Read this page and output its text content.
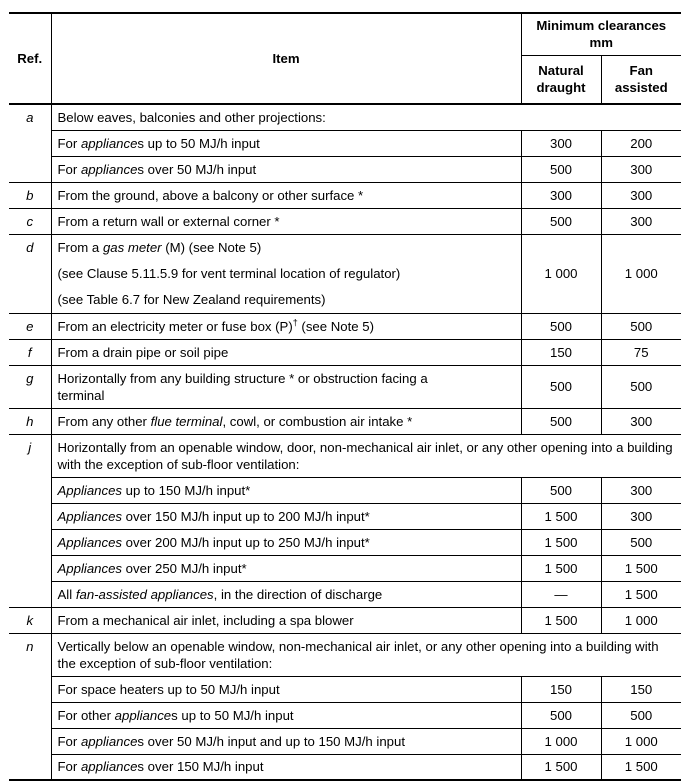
Ref.	Item	Minimum clearances
mm	

		Natural draught	Fan assisted
a	Below eaves, balconies and other projections:		
	For appliances up to 50 MJ/h input	300	200
	For appliances over 50 MJ/h input	500	300
b	From the ground, above a balcony or other surface *	300	300
c	From a return wall or external corner *	500	300
d	From a gas meter (M) (see Note 5)
(see Clause 5.11.5.9 for vent terminal location of regulator)
(see Table 6.7 for New Zealand requirements)	1 000	1 000
e	From an electricity meter or fuse box (P)† (see Note 5)	500	500
f	From a drain pipe or soil pipe	150	75
g	Horizontally from any building structure * or obstruction facing a terminal	500	500
h	From any other flue terminal, cowl, or combustion air intake *	500	300
j	Horizontally from an openable window, door, non-mechanical air inlet, or any other opening into a building with the exception of sub-floor ventilation:		
	Appliances up to 150 MJ/h input*	500	300
	Appliances over 150 MJ/h input up to 200 MJ/h input*	1 500	300
	Appliances over 200 MJ/h input up to 250 MJ/h input*	1 500	500
	Appliances over 250 MJ/h input*	1 500	1 500
	All fan-assisted appliances, in the direction of discharge	—	1 500
k	From a mechanical air inlet, including a spa blower	1 500	1 000
n	Vertically below an openable window, non-mechanical air inlet, or any other opening into a building with the exception of sub-floor ventilation:		
	For space heaters up to 50 MJ/h input	150	150
	For other appliances up to 50 MJ/h input	500	500
	For appliances over 50 MJ/h input and up to 150 MJ/h input	1 000	1 000
	For appliances over 150 MJ/h input	1 500	1 500
